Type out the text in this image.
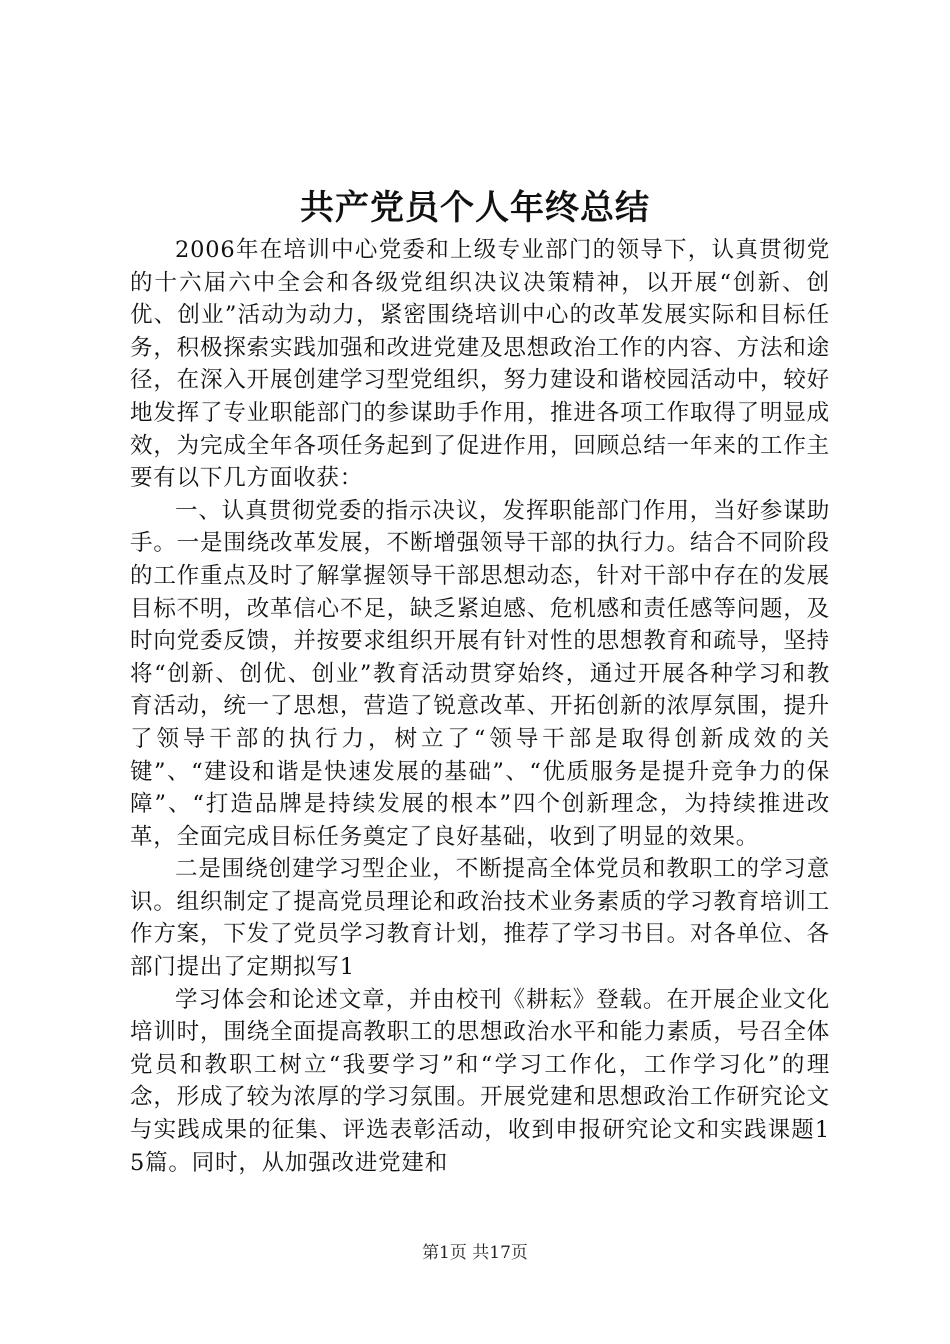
共产党员个人年终总结

2006年在培训中心党委和上级专业部门的领导下，认真贯彻党的十六届六中全会和各级党组织决议决策精神，以开展“创新、创优、创业”活动为动力，紧密围绕培训中心的改革发展实际和目标任务，积极探索实践加强和改进党建及思想政治工作的内容、方法和途径，在深入开展创建学习型党组织，努力建设和谐校园活动中，较好地发挥了专业职能部门的参谋助手作用，推进各项工作取得了明显成效，为完成全年各项任务起到了促进作用，回顾总结一年来的工作主要有以下几方面收获：

一、认真贯彻党委的指示决议，发挥职能部门作用，当好参谋助手。一是围绕改革发展，不断增强领导干部的执行力。结合不同阶段的工作重点及时了解掌握领导干部思想动态，针对干部中存在的发展目标不明，改革信心不足，缺乏紧迫感、危机感和责任感等问题，及时向党委反馈，并按要求组织开展有针对性的思想教育和疏导，坚持将“创新、创优、创业”教育活动贯穿始终，通过开展各种学习和教育活动，统一了思想，营造了锐意改革、开拓创新的浓厚氛围，提升了领导干部的执行力，树立了“领导干部是取得创新成效的关键”、“建设和谐是快速发展的基础”、“优质服务是提升竞争力的保障”、“打造品牌是持续发展的根本”四个创新理念，为持续推进改革，全面完成目标任务奠定了良好基础，收到了明显的效果。

二是围绕创建学习型企业，不断提高全体党员和教职工的学习意识。组织制定了提高党员理论和政治技术业务素质的学习教育培训工作方案，下发了党员学习教育计划，推荐了学习书目。对各单位、各部门提出了定期拟写1

学习体会和论述文章，并由校刊《耕耘》登载。在开展企业文化培训时，围绕全面提高教职工的思想政治水平和能力素质，号召全体党员和教职工树立“我要学习”和“学习工作化，工作学习化”的理念，形成了较为浓厚的学习氛围。开展党建和思想政治工作研究论文与实践成果的征集、评选表彰活动，收到申报研究论文和实践课题15篇。同时，从加强改进党建和

第1页 共17页
